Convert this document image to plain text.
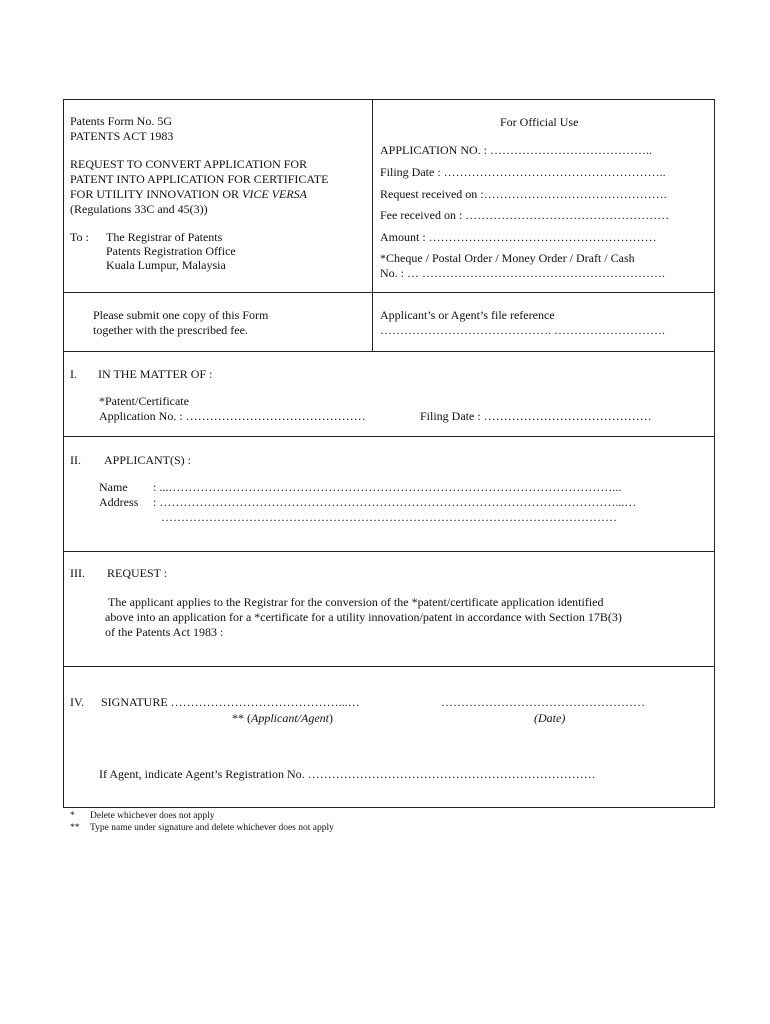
Patents Form No. 5G
PATENTS ACT 1983
REQUEST TO CONVERT APPLICATION FOR
PATENT INTO APPLICATION FOR CERTIFICATE
FOR UTILITY INNOVATION OR VICE VERSA
(Regulations 33C and 45(3))
To : The Registrar of Patents
Patents Registration Office
Kuala Lumpur, Malaysia
For Official Use
APPLICATION NO. : …………………………………..
Filing Date : ………………………………………………..
Request received on :……………………………………….
Fee received on : ……………………………………………
Amount : …………………………………………………
*Cheque / Postal Order / Money Order / Draft / Cash
No. : … …………………………………………………….
Please submit one copy of this Form
together with the prescribed fee.
Applicant’s or Agent’s file reference
……………………………………. ……………………….
I. IN THE MATTER OF :
*Patent/Certificate
Application No. : ………………………………………	Filing Date : ……………………………………
II. APPLICANT(S) :
Name : ...…………………………………………………………………………………………………...
Address : ……………………………………………………………………………………………………...…
……………………………………………………………………………………………………
III. REQUEST :
The applicant applies to the Registrar for the conversion of the *patent/certificate application identified
above into an application for a *certificate for a utility innovation/patent in accordance with Section 17B(3)
of the Patents Act 1983 :
IV. SIGNATURE ……………………………………...…	……………………………………………
** (Applicant/Agent)	(Date)
If Agent, indicate Agent’s Registration No. ………………………………………………………………
* Delete whichever does not apply
** Type name under signature and delete whichever does not apply
